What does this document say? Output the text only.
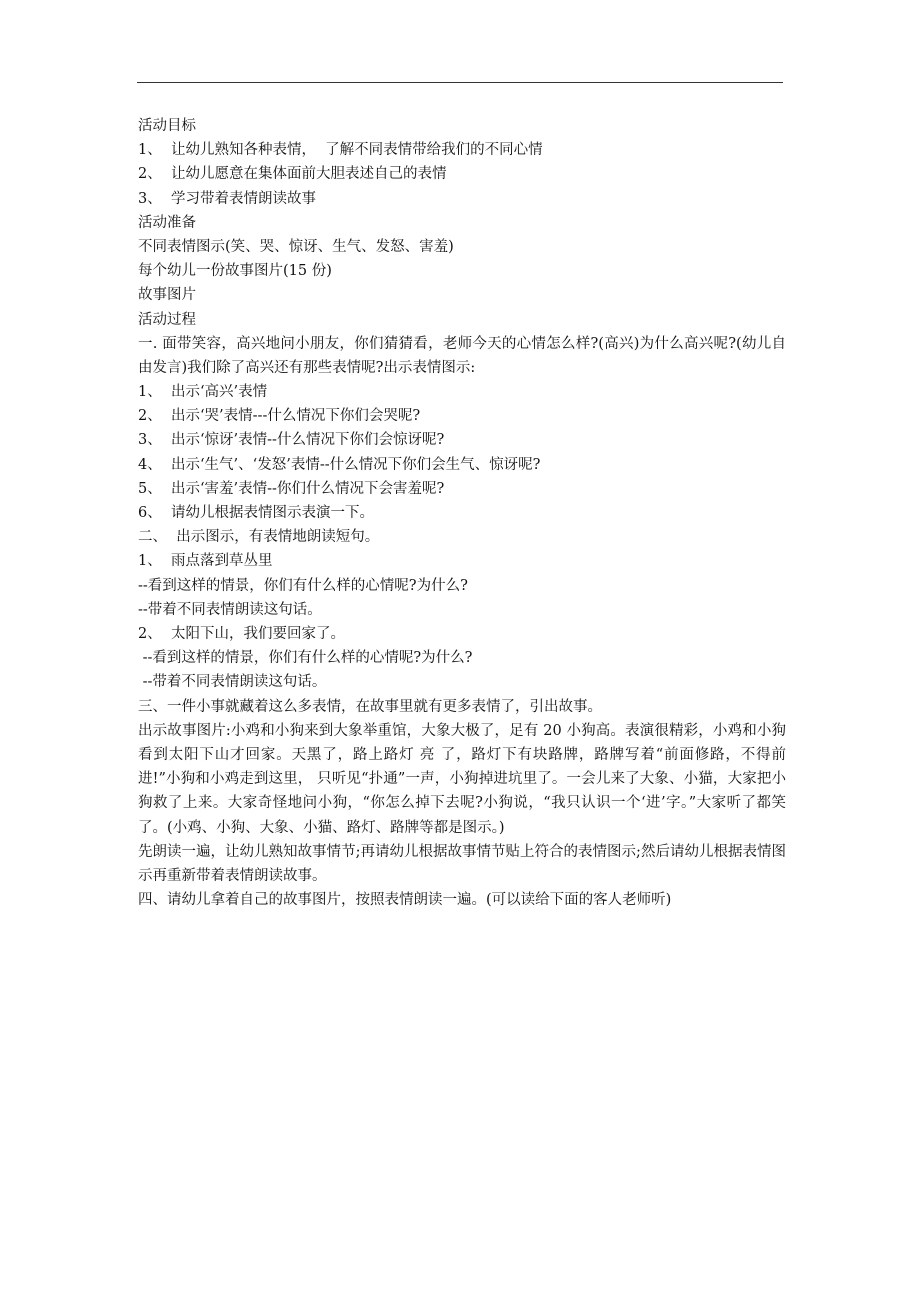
活动目标
1、  让幼儿熟知各种表情，  了解不同表情带给我们的不同心情
2、  让幼儿愿意在集体面前大胆表述自己的表情
3、  学习带着表情朗读故事
活动准备
不同表情图示(笑、哭、惊讶、生气、发怒、害羞)
每个幼儿一份故事图片(15 份)
故事图片
活动过程
一. 面带笑容，高兴地问小朋友，你们猜猜看，老师今天的心情怎么样?(高兴)为什么高兴呢?(幼儿自由发言)我们除了高兴还有那些表情呢?出示表情图示:
1、  出示‘高兴’表情
2、  出示‘哭’表情---什么情况下你们会哭呢?
3、  出示‘惊讶’表情--什么情况下你们会惊讶呢?
4、  出示‘生气’、‘发怒’表情--什么情况下你们会生气、惊讶呢?
5、  出示‘害羞’表情--你们什么情况下会害羞呢?
6、  请幼儿根据表情图示表演一下。
二、  出示图示，有表情地朗读短句。
1、  雨点落到草丛里
--看到这样的情景，你们有什么样的心情呢?为什么?
--带着不同表情朗读这句话。
2、  太阳下山，我们要回家了。
--看到这样的情景，你们有什么样的心情呢?为什么?
--带着不同表情朗读这句话。
三、一件小事就藏着这么多表情，在故事里就有更多表情了，引出故事。
出示故事图片:小鸡和小狗来到大象举重馆，大象大极了，足有 20 小狗高。表演很精彩，小鸡和小狗看到太阳下山才回家。天黑了，路上路灯 亮 了，路灯下有块路牌，路牌写着“前面修路，不得前进!”小狗和小鸡走到这里， 只听见“扑通”一声，小狗掉进坑里了。一会儿来了大象、小猫，大家把小狗救了上来。大家奇怪地问小狗，“你怎么掉下去呢?小狗说，“我只认识一个‘进’字。”大家听了都笑了。(小鸡、小狗、大象、小猫、路灯、路牌等都是图示。)
先朗读一遍，让幼儿熟知故事情节;再请幼儿根据故事情节贴上符合的表情图示;然后请幼儿根据表情图示再重新带着表情朗读故事。
四、请幼儿拿着自己的故事图片，按照表情朗读一遍。(可以读给下面的客人老师听)
